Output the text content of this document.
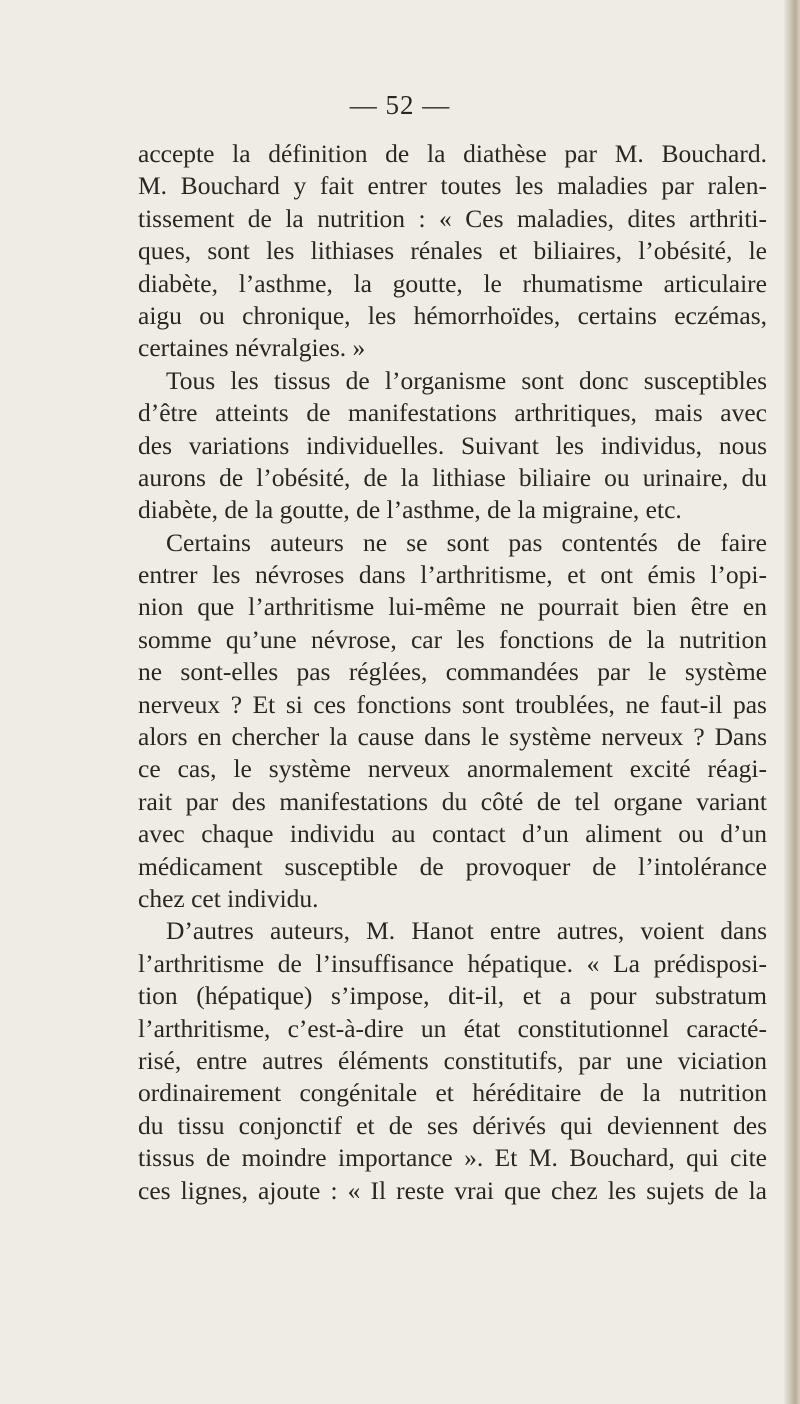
— 52 —
accepte la définition de la diathèse par M. Bouchard.
M. Bouchard y fait entrer toutes les maladies par ralen-
tissement de la nutrition : « Ces maladies, dites arthriti-
ques, sont les lithiases rénales et biliaires, l’obésité, le
diabète, l’asthme, la goutte, le rhumatisme articulaire
aigu ou chronique, les hémorrhoïdes, certains eczémas,
certaines névralgies. »
Tous les tissus de l’organisme sont donc susceptibles
d’être atteints de manifestations arthritiques, mais avec
des variations individuelles. Suivant les individus, nous
aurons de l’obésité, de la lithiase biliaire ou urinaire, du
diabète, de la goutte, de l’asthme, de la migraine, etc.
Certains auteurs ne se sont pas contentés de faire
entrer les névroses dans l’arthritisme, et ont émis l’opi-
nion que l’arthritisme lui-même ne pourrait bien être en
somme qu’une névrose, car les fonctions de la nutrition
ne sont-elles pas réglées, commandées par le système
nerveux ? Et si ces fonctions sont troublées, ne faut-il pas
alors en chercher la cause dans le système nerveux ? Dans
ce cas, le système nerveux anormalement excité réagi-
rait par des manifestations du côté de tel organe variant
avec chaque individu au contact d’un aliment ou d’un
médicament susceptible de provoquer de l’intolérance
chez cet individu.
D’autres auteurs, M. Hanot entre autres, voient dans
l’arthritisme de l’insuffisance hépatique. « La prédisposi-
tion (hépatique) s’impose, dit-il, et a pour substratum
l’arthritisme, c’est-à-dire un état constitutionnel caracté-
risé, entre autres éléments constitutifs, par une viciation
ordinairement congénitale et héréditaire de la nutrition
du tissu conjonctif et de ses dérivés qui deviennent des
tissus de moindre importance ». Et M. Bouchard, qui cite
ces lignes, ajoute : « Il reste vrai que chez les sujets de la
